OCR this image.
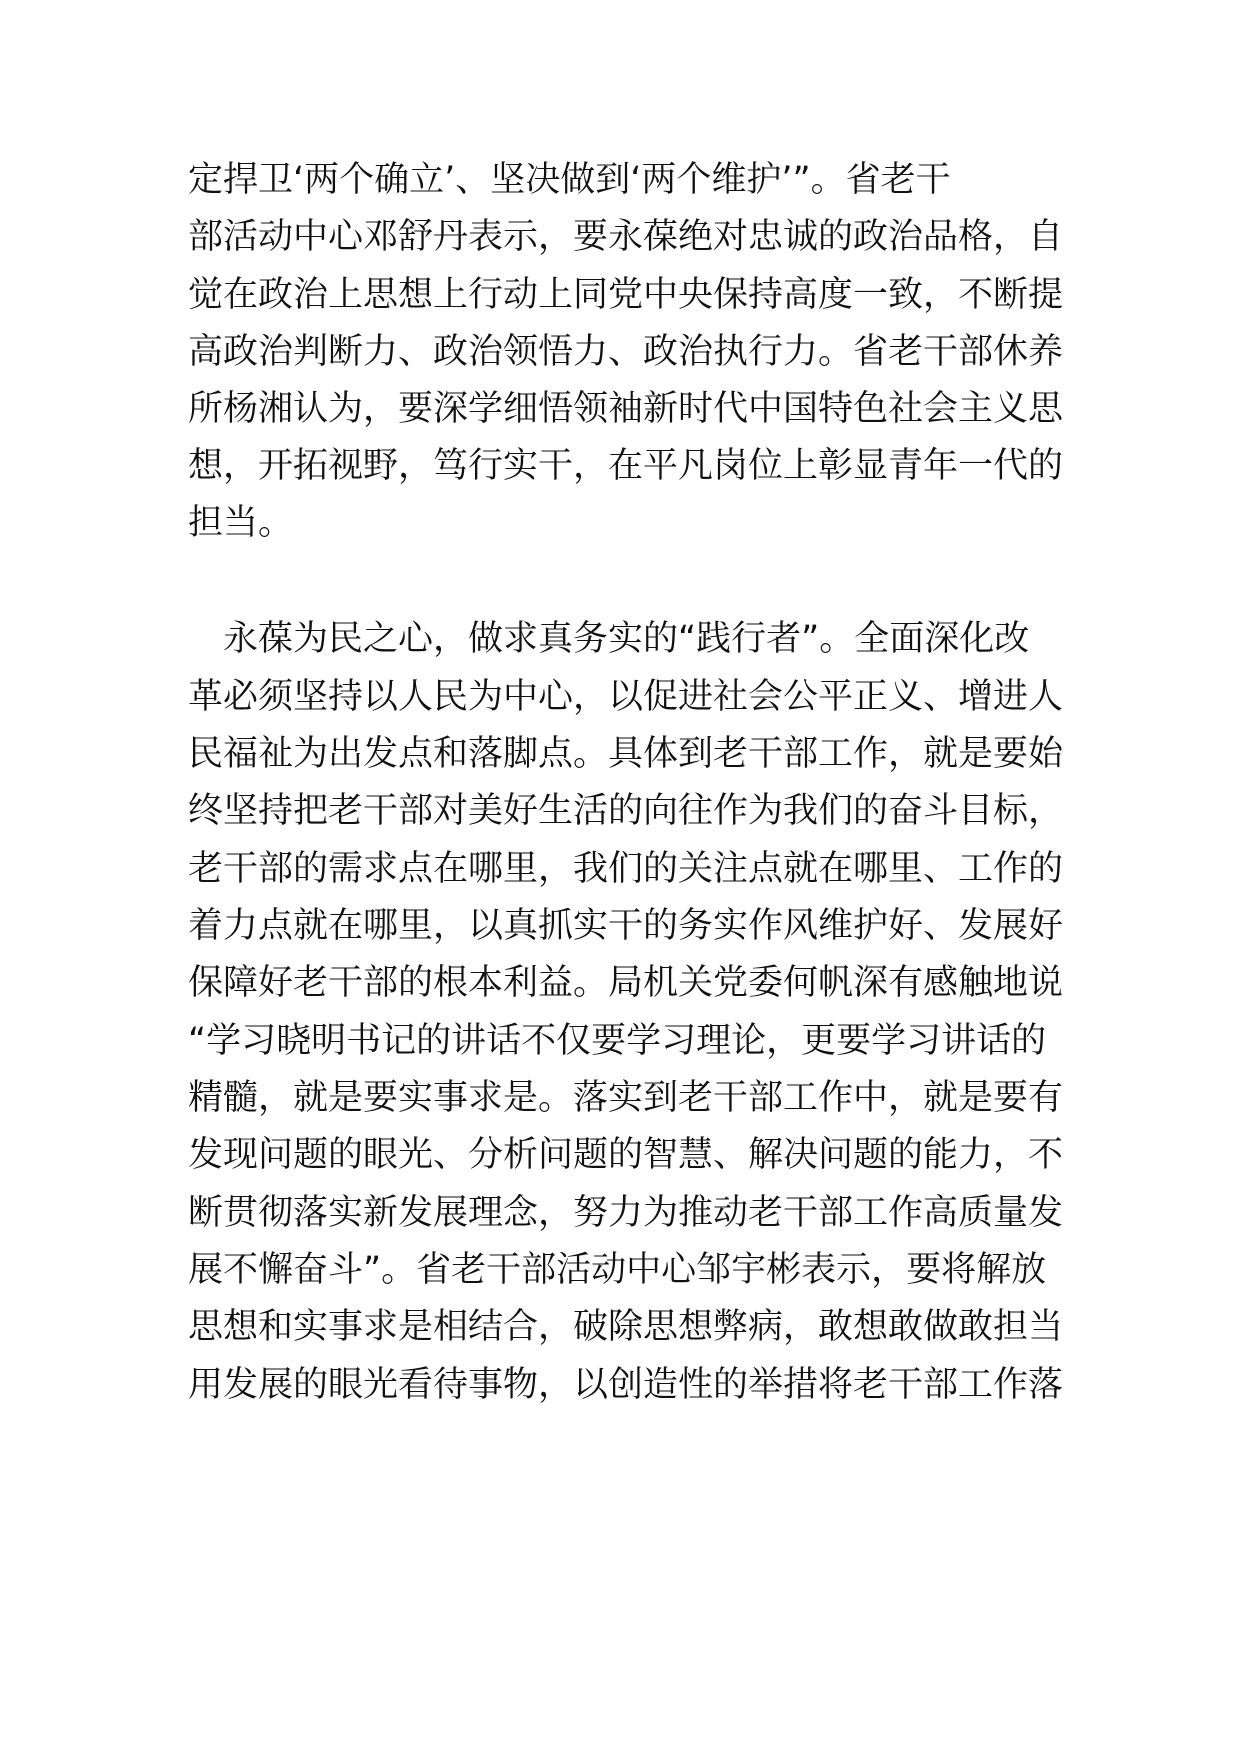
定捍卫‘两个确立’、坚决做到‘两个维护’”。省老干
部活动中心邓舒丹表示，要永葆绝对忠诚的政治品格，自
觉在政治上思想上行动上同党中央保持高度一致，不断提
高政治判断力、政治领悟力、政治执行力。省老干部休养
所杨湘认为，要深学细悟领袖新时代中国特色社会主义思
想，开拓视野，笃行实干，在平凡岗位上彰显青年一代的
担当。
　永葆为民之心，做求真务实的“践行者”。全面深化改
革必须坚持以人民为中心，以促进社会公平正义、增进人
民福祉为出发点和落脚点。具体到老干部工作，就是要始
终坚持把老干部对美好生活的向往作为我们的奋斗目标，
老干部的需求点在哪里，我们的关注点就在哪里、工作的
着力点就在哪里，以真抓实干的务实作风维护好、发展好
保障好老干部的根本利益。局机关党委何帆深有感触地说
“学习晓明书记的讲话不仅要学习理论，更要学习讲话的
精髓，就是要实事求是。落实到老干部工作中，就是要有
发现问题的眼光、分析问题的智慧、解决问题的能力，不
断贯彻落实新发展理念，努力为推动老干部工作高质量发
展不懈奋斗”。省老干部活动中心邹宇彬表示，要将解放
思想和实事求是相结合，破除思想弊病，敢想敢做敢担当
用发展的眼光看待事物，以创造性的举措将老干部工作落
